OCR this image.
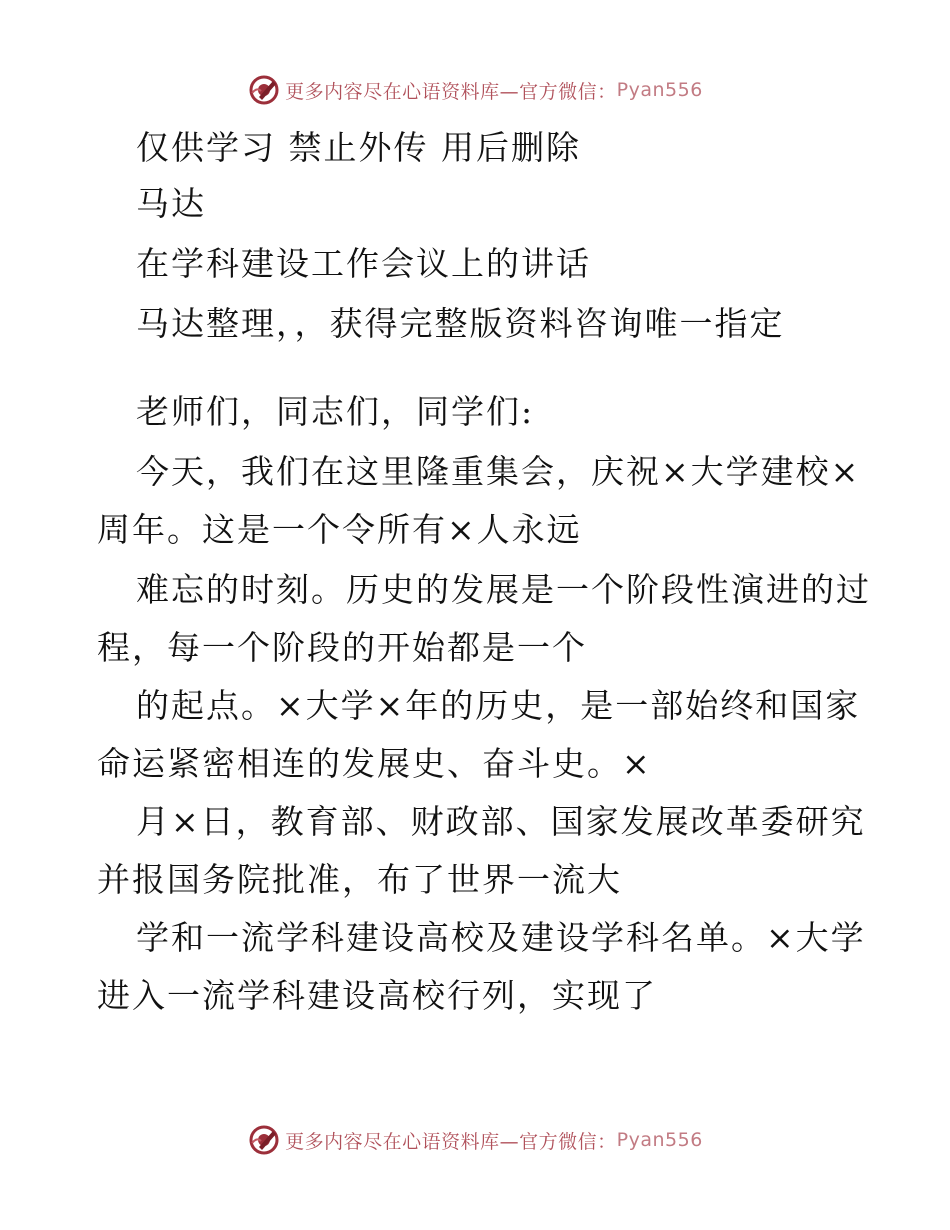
更多内容尽在心语资料库—官方微信： Pyan556
仅供学习 禁止外传 用后删除
马达
在学科建设工作会议上的讲话
马达整理，，获得完整版资料咨询唯一指定
老师们，同志们，同学们:
今天，我们在这里隆重集会，庆祝×大学建校×
周年。这是一个令所有×人永远
难忘的时刻。历史的发展是一个阶段性演进的过
程，每一个阶段的开始都是一个
的起点。×大学×年的历史，是一部始终和国家
命运紧密相连的发展史、奋斗史。×
月×日，教育部、财政部、国家发展改革委研究
并报国务院批准，布了世界一流大
学和一流学科建设高校及建设学科名单。×大学
进入一流学科建设高校行列，实现了
更多内容尽在心语资料库—官方微信： Pyan556
